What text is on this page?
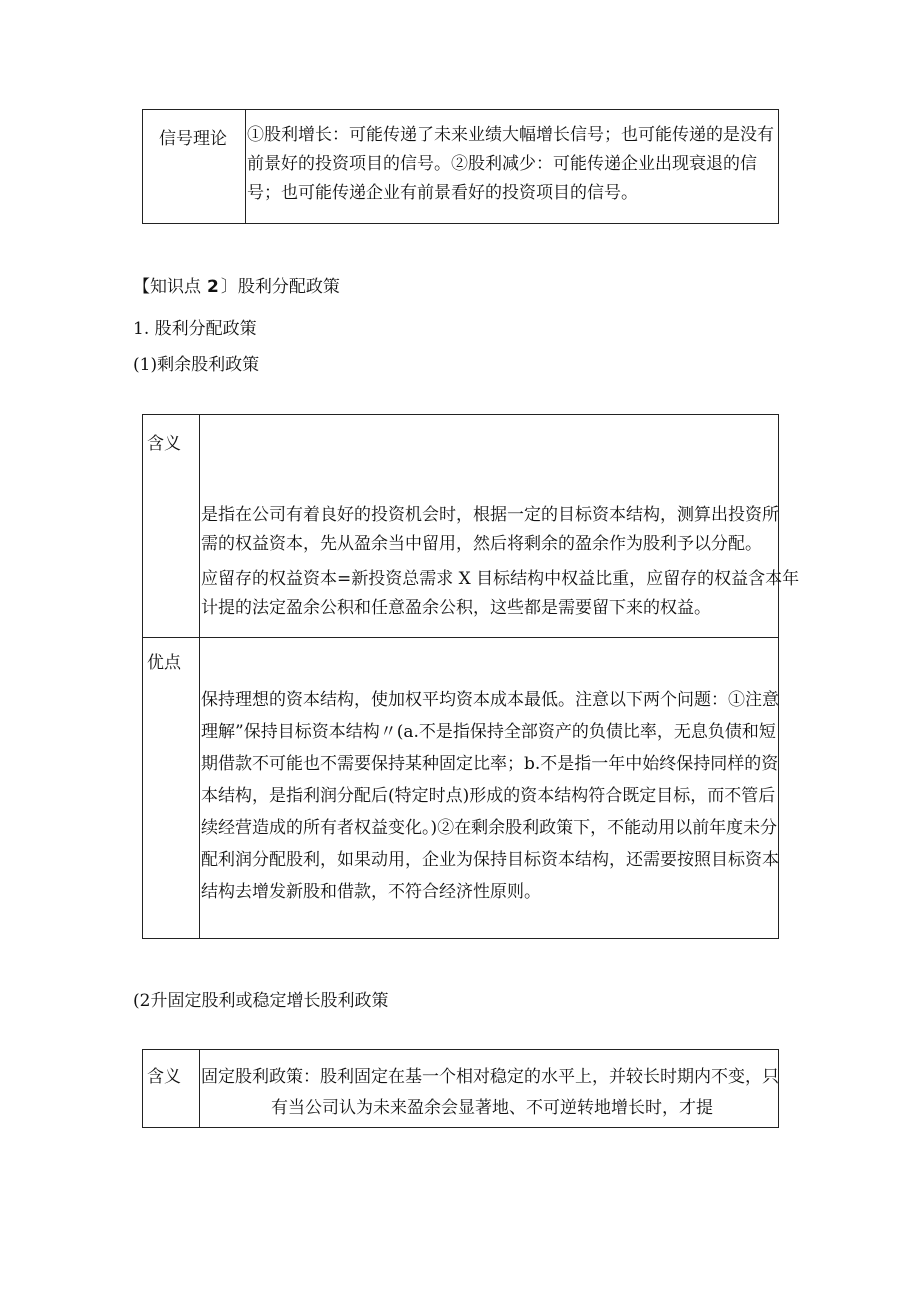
信号理论 ①股利增长：可能传递了未来业绩大幅增长信号；也可能传递的是没有
前景好的投资项目的信号。②股利减少：可能传递企业出现衰退的信
号；也可能传递企业有前景看好的投资项目的信号。
【知识点 2 〕股利分配政策
1. 股利分配政策
(1)剩余股利政策
含义
是指在公司有着良好的投资机会时，根据一定的目标资本结构，测算出投资所
需的权益资本，先从盈余当中留用，然后将剩余的盈余作为股利予以分配。
应留存的权益资本=新投资总需求 X 目标结构中权益比重，应留存的权益含本年
计提的法定盈余公积和任意盈余公积，这些都是需要留下来的权益。
优点
保持理想的资本结构，使加权平均资本成本最低。注意以下两个问题：①注意
理解”保持目标资本结构〃(a.不是指保持全部资产的负债比率，无息负债和短
期借款不可能也不需要保持某种固定比率；b.不是指一年中始终保持同样的资
本结构，是指利润分配后(特定时点)形成的资本结构符合既定目标，而不管后
续经营造成的所有者权益变化。)②在剩余股利政策下，不能动用以前年度未分
配利润分配股利，如果动用，企业为保持目标资本结构，还需要按照目标资本
结构去增发新股和借款，不符合经济性原则。
(2升固定股利或稳定增长股利政策
含义 固定股利政策：股利固定在基一个相对稳定的水平上，并较长时期内不变，只
有当公司认为未来盈余会显著地、不可逆转地增长时，才提
